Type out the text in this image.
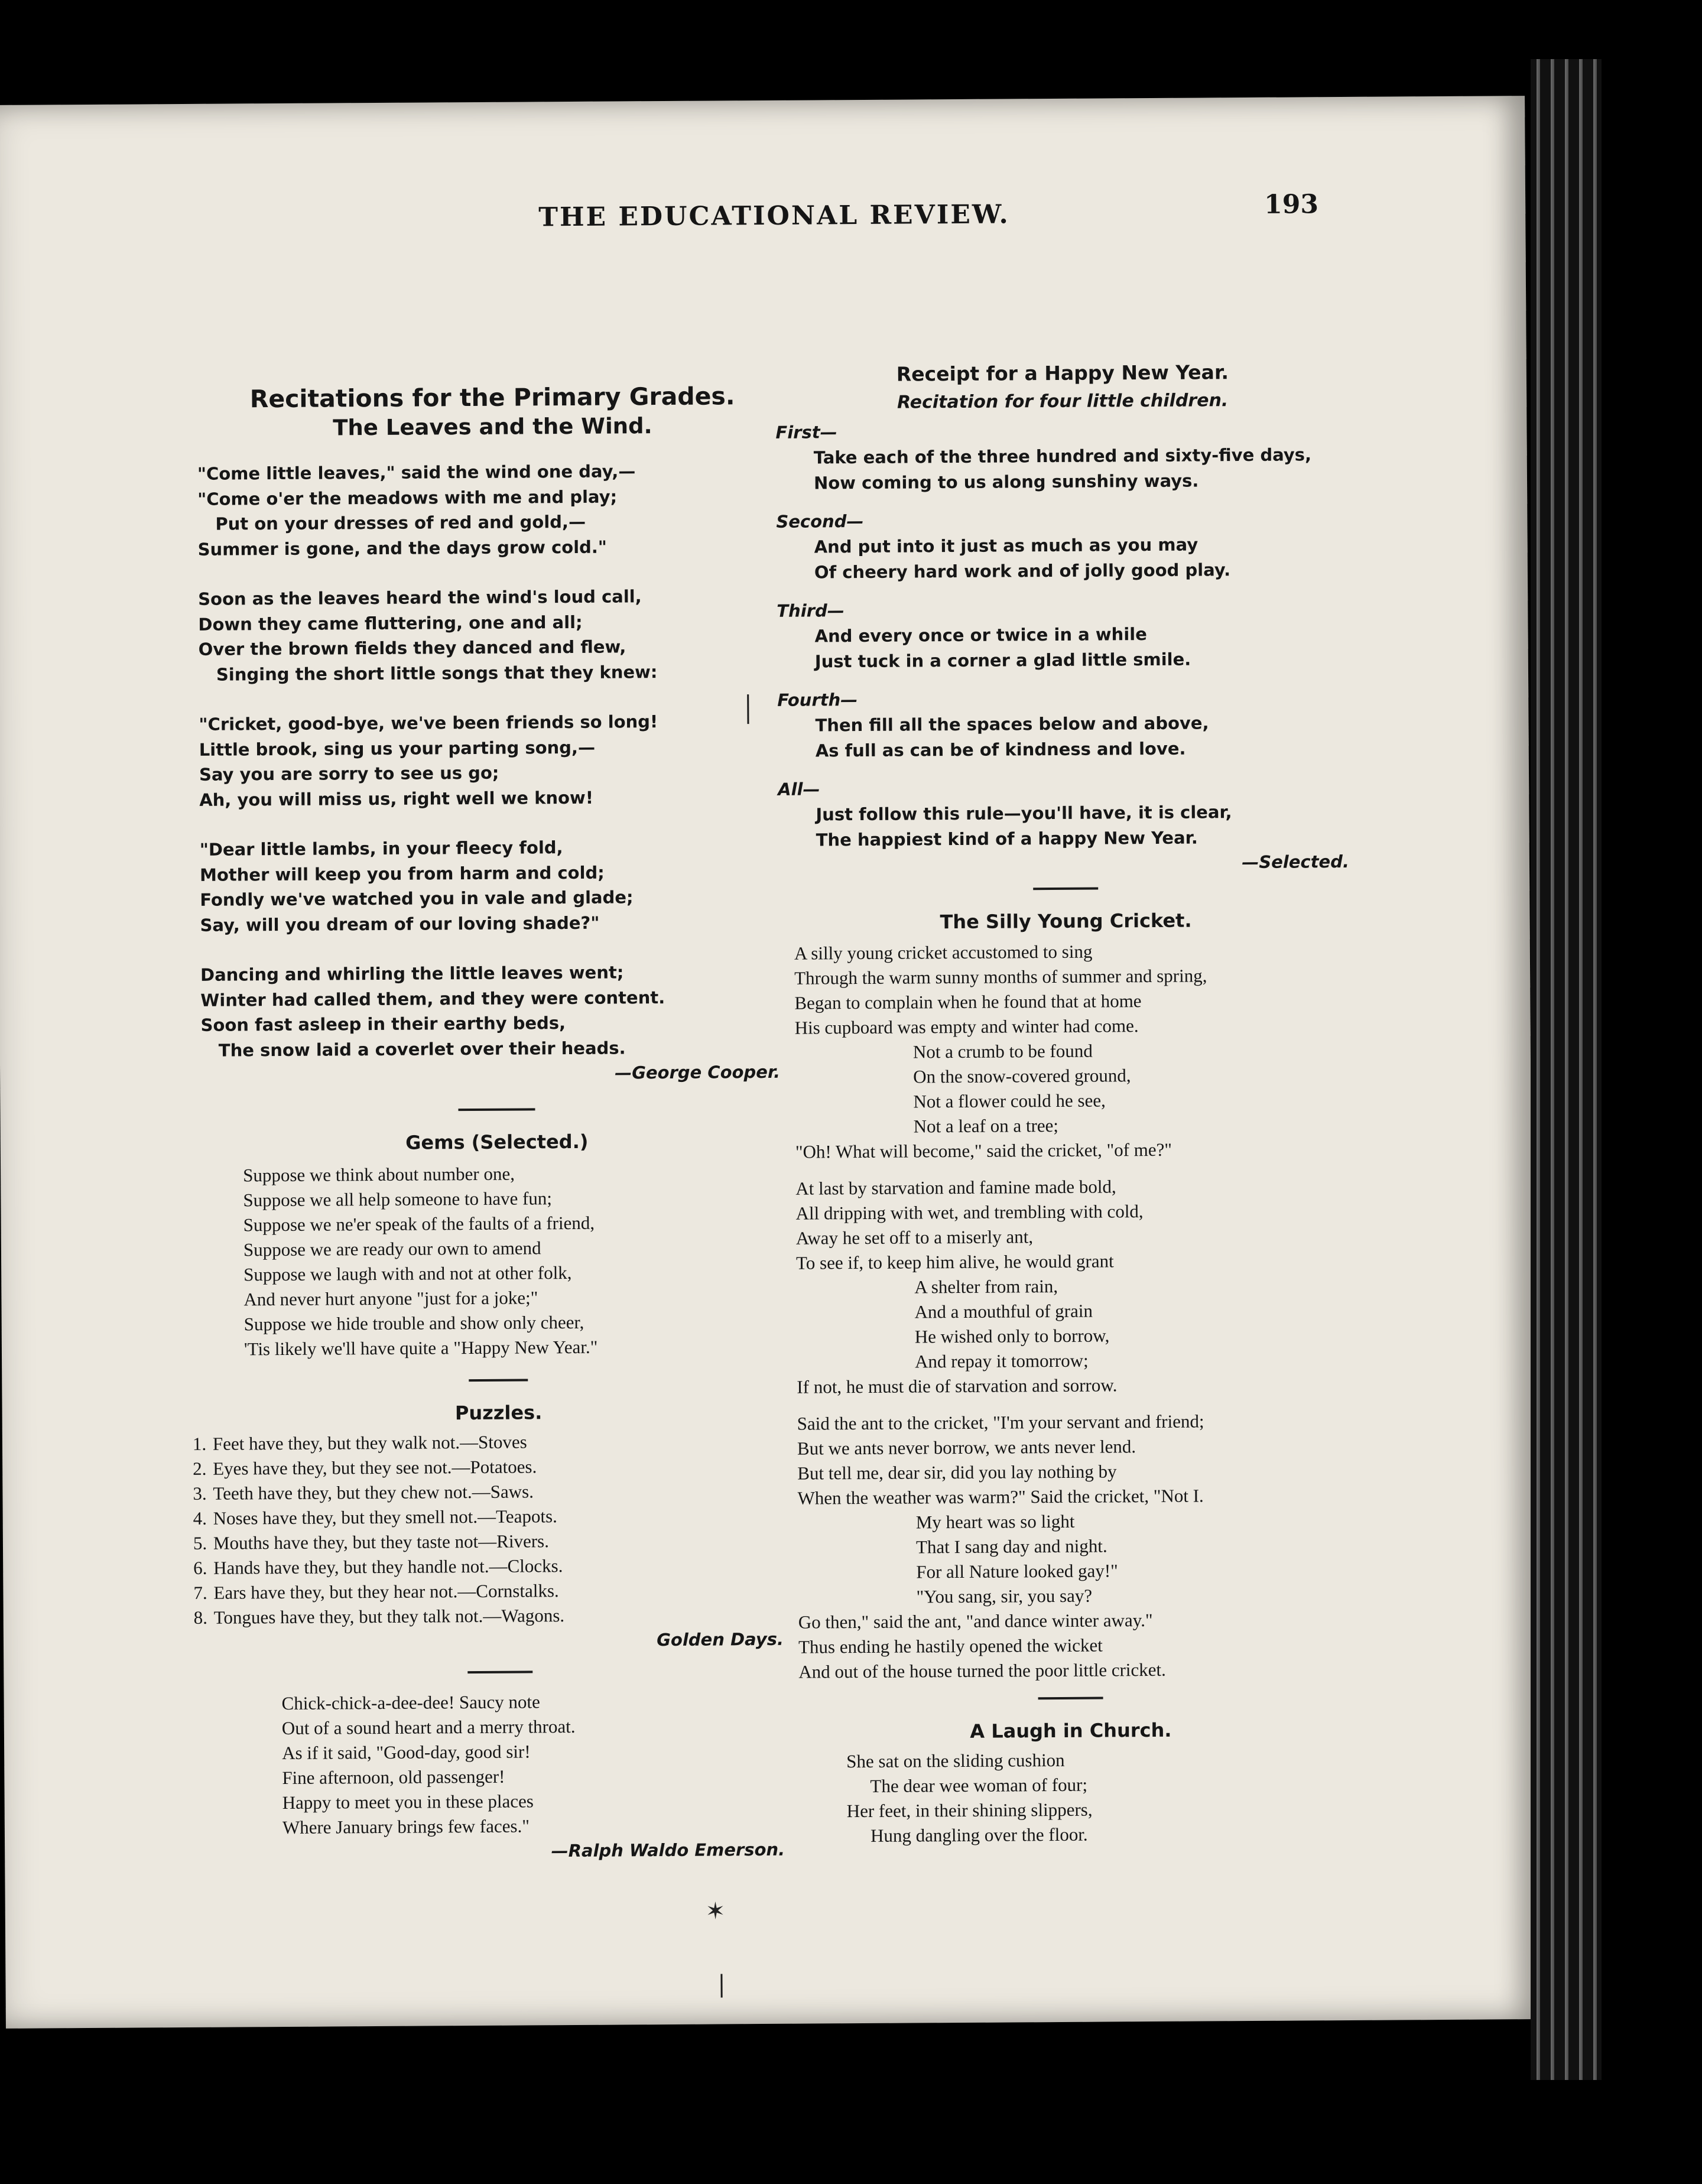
THE EDUCATIONAL REVIEW.	193

Recitations for the Primary Grades.

The Leaves and the Wind.

"Come little leaves," said the wind one day,—

"Come o'er the meadows with me and play;

Put on your dresses of red and gold,—

Summer is gone, and the days grow cold."

Soon as the leaves heard the wind's loud call,

Down they came fluttering, one and all;

Over the brown fields they danced and flew,

Singing the short little songs that they knew:

"Cricket, good-bye, we've been friends so long!

Little brook, sing us your parting song,—

Say you are sorry to see us go;

Ah, you will miss us, right well we know!

"Dear little lambs, in your fleecy fold,

Mother will keep you from harm and cold;

Fondly we've watched you in vale and glade;

Say, will you dream of our loving shade?"

Dancing and whirling the little leaves went;

Winter had called them, and they were content.

Soon fast asleep in their earthy beds,

The snow laid a coverlet over their heads.

—George Cooper.

Gems (Selected.)

Suppose we think about number one,

Suppose we all help someone to have fun;

Suppose we ne'er speak of the faults of a friend,

Suppose we are ready our own to amend

Suppose we laugh with and not at other folk,

And never hurt anyone "just for a joke;"

Suppose we hide trouble and show only cheer,

'Tis likely we'll have quite a "Happy New Year."

Puzzles.

1. Feet have they, but they walk not.—Stoves

2. Eyes have they, but they see not.—Potatoes.

3. Teeth have they, but they chew not.—Saws.

4. Noses have they, but they smell not.—Teapots.

5. Mouths have they, but they taste not—Rivers.

6. Hands have they, but they handle not.—Clocks.

7. Ears have they, but they hear not.—Cornstalks.

8. Tongues have they, but they talk not.—Wagons.

Golden Days.

Chick-chick-a-dee-dee! Saucy note

Out of a sound heart and a merry throat.

As if it said, "Good-day, good sir!

Fine afternoon, old passenger!

Happy to meet you in these places

Where January brings few faces."

—Ralph Waldo Emerson.

Receipt for a Happy New Year.

Recitation for four little children.

First—

Take each of the three hundred and sixty-five days,

Now coming to us along sunshiny ways.

Second—

And put into it just as much as you may

Of cheery hard work and of jolly good play.

Third—

And every once or twice in a while

Just tuck in a corner a glad little smile.

Fourth—

Then fill all the spaces below and above,

As full as can be of kindness and love.

All—

Just follow this rule—you'll have, it is clear,

The happiest kind of a happy New Year.

—Selected.

The Silly Young Cricket.

A silly young cricket accustomed to sing

Through the warm sunny months of summer and spring,

Began to complain when he found that at home

His cupboard was empty and winter had come.

Not a crumb to be found

On the snow-covered ground,

Not a flower could he see,

Not a leaf on a tree;

"Oh! What will become," said the cricket, "of me?"

At last by starvation and famine made bold,

All dripping with wet, and trembling with cold,

Away he set off to a miserly ant,

To see if, to keep him alive, he would grant

A shelter from rain,

And a mouthful of grain

He wished only to borrow,

And repay it tomorrow;

If not, he must die of starvation and sorrow.

Said the ant to the cricket, "I'm your servant and friend;

But we ants never borrow, we ants never lend.

But tell me, dear sir, did you lay nothing by

When the weather was warm?" Said the cricket, "Not I.

My heart was so light

That I sang day and night.

For all Nature looked gay!"

"You sang, sir, you say?

Go then," said the ant, "and dance winter away."

Thus ending he hastily opened the wicket

And out of the house turned the poor little cricket.

A Laugh in Church.

She sat on the sliding cushion

The dear wee woman of four;

Her feet, in their shining slippers,

Hung dangling over the floor.

✶
